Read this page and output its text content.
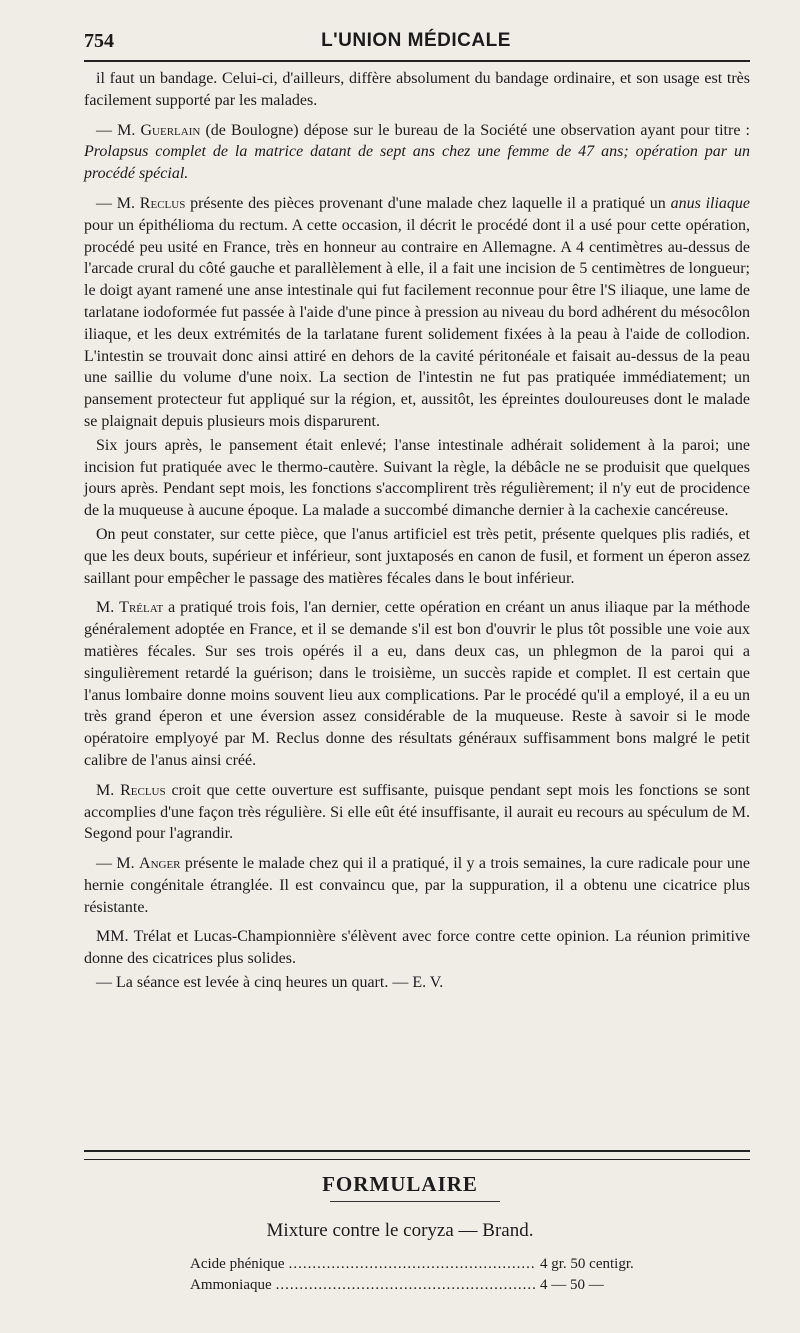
754	L'UNION MÉDICALE

il faut un bandage. Celui-ci, d'ailleurs, diffère absolument du bandage ordinaire, et son usage est très facilement supporté par les malades.

— M. Guerlain (de Boulogne) dépose sur le bureau de la Société une observation ayant pour titre : Prolapsus complet de la matrice datant de sept ans chez une femme de 47 ans; opération par un procédé spécial.

— M. Reclus présente des pièces provenant d'une malade chez laquelle il a pratiqué un anus iliaque pour un épithélioma du rectum. A cette occasion, il décrit le procédé dont il a usé pour cette opération, procédé peu usité en France, très en honneur au contraire en Allemagne. A 4 centimètres au-dessus de l'arcade crural du côté gauche et parallèlement à elle, il a fait une incision de 5 centimètres de longueur; le doigt ayant ramené une anse intestinale qui fut facilement reconnue pour être l'S iliaque, une lame de tarlatane iodoformée fut passée à l'aide d'une pince à pression au niveau du bord adhérent du mésocôlon iliaque, et les deux extrémités de la tarlatane furent solidement fixées à la peau à l'aide de collodion. L'intestin se trouvait donc ainsi attiré en dehors de la cavité péritonéale et faisait au-dessus de la peau une saillie du volume d'une noix. La section de l'intestin ne fut pas pratiquée immédiatement; un pansement protecteur fut appliqué sur la région, et, aussitôt, les épreintes douloureuses dont le malade se plaignait depuis plusieurs mois disparurent.

Six jours après, le pansement était enlevé; l'anse intestinale adhérait solidement à la paroi; une incision fut pratiquée avec le thermo-cautère. Suivant la règle, la débâcle ne se produisit que quelques jours après. Pendant sept mois, les fonctions s'accomplirent très régulièrement; il n'y eut de procidence de la muqueuse à aucune époque. La malade a succombé dimanche dernier à la cachexie cancéreuse.

On peut constater, sur cette pièce, que l'anus artificiel est très petit, présente quelques plis radiés, et que les deux bouts, supérieur et inférieur, sont juxtaposés en canon de fusil, et forment un éperon assez saillant pour empêcher le passage des matières fécales dans le bout inférieur.

M. Trélat a pratiqué trois fois, l'an dernier, cette opération en créant un anus iliaque par la méthode généralement adoptée en France, et il se demande s'il est bon d'ouvrir le plus tôt possible une voie aux matières fécales. Sur ses trois opérés il a eu, dans deux cas, un phlegmon de la paroi qui a singulièrement retardé la guérison; dans le troisième, un succès rapide et complet. Il est certain que l'anus lombaire donne moins souvent lieu aux complications. Par le procédé qu'il a employé, il a eu un très grand éperon et une éversion assez considérable de la muqueuse. Reste à savoir si le mode opératoire emplyoyé par M. Reclus donne des résultats généraux suffisamment bons malgré le petit calibre de l'anus ainsi créé.

M. Reclus croit que cette ouverture est suffisante, puisque pendant sept mois les fonctions se sont accomplies d'une façon très régulière. Si elle eût été insuffisante, il aurait eu recours au spéculum de M. Segond pour l'agrandir.

— M. Anger présente le malade chez qui il a pratiqué, il y a trois semaines, la cure radicale pour une hernie congénitale étranglée. Il est convaincu que, par la suppuration, il a obtenu une cicatrice plus résistante.

MM. Trélat et Lucas-Championnière s'élèvent avec force contre cette opinion. La réunion primitive donne des cicatrices plus solides.

— La séance est levée à cinq heures un quart. — E. V.

FORMULAIRE
Mixture contre le coryza — Brand.
Acide phénique .....	4 gr. 50 centigr.
Ammoniaque .....	4 — 50 —
